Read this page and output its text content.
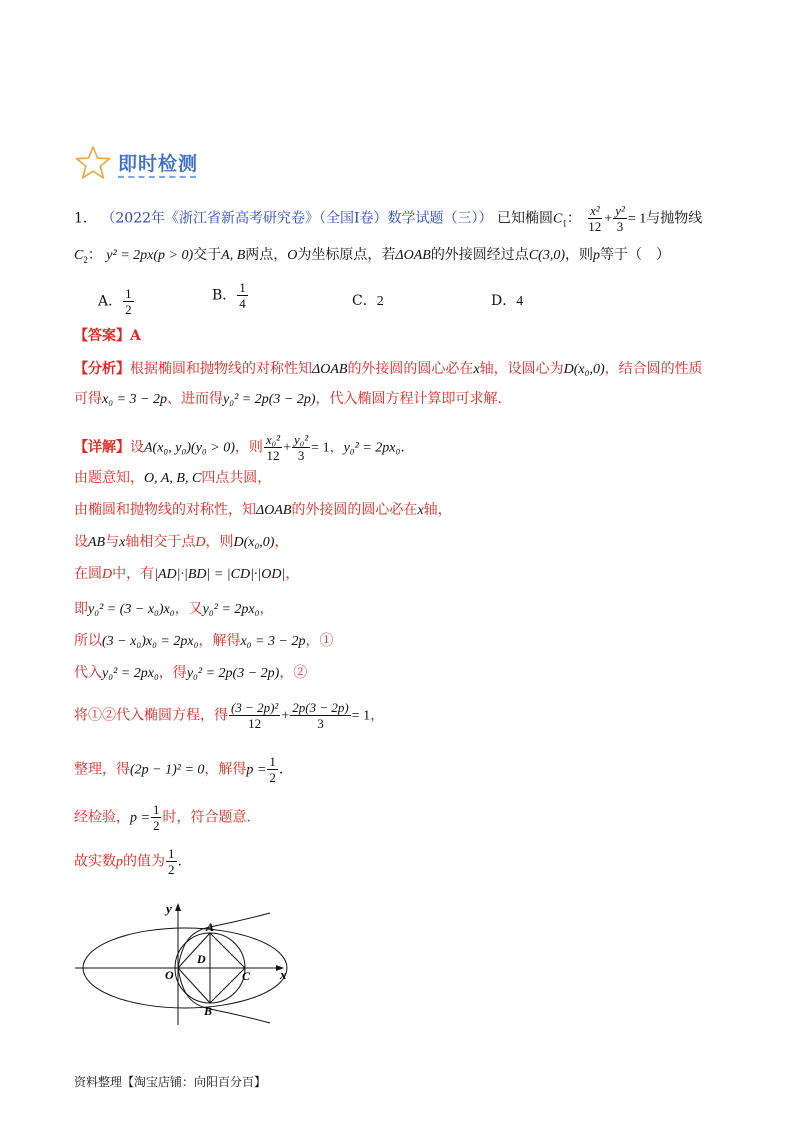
即时检测
1． （2022年《浙江省新高考研究卷》（全国I卷）数学试题（三）） 已知椭圆$C_1$： $\frac{\text{x²}}{12} + \frac{\text{y²}}{3} = 1$与抛物线
$C_2$： y² = 2px(p > 0)交于A, B两点，O为坐标原点，若ΔOAB的外接圆经过点C(3,0)，则p等于（　）
A． $\frac{1}{2}$	B． $\frac{1}{4}$	C．2	D．4
【答案】A
【分析】根据椭圆和抛物线的对称性知ΔOAB的外接圆的圆心必在x轴，设圆心为D(x₀,0)，结合圆的性质
可得x₀ = 3 − 2p、进而得y₀² = 2p(3 − 2p)，代入椭圆方程计算即可求解.
【详解】设A(x₀, y₀)(y₀ > 0)，则 $\frac{\text{x₀²}}{12} + \frac{\text{y₀²}}{3} = 1$，y₀² = 2px₀.
由题意知，O, A, B, C四点共圆，
由椭圆和抛物线的对称性，知ΔOAB的外接圆的圆心必在x轴，
设AB与x轴相交于点D，则D(x₀,0)，
在圆D中，有|AD|·|BD| = |CD|·|OD|，
即y₀² = (3 − x₀)x₀，又y₀² = 2px₀，
所以(3 − x₀)x₀ = 2px₀，解得x₀ = 3 − 2p，①
代入y₀² = 2px₀，得y₀² = 2p(3 − 2p)，②
将①②代入椭圆方程，得 $\frac{\text{(3 − 2p)²}}{12} + \frac{2p(3 - 2p)}{3} = 1$，
整理，得(2p − 1)² = 0，解得$p = \frac{1}{2}$ .
经检验，$p = \frac{1}{2}$ 时，符合题意.
故实数p的值为 $\frac{1}{2}$ .
y
x
A
B
O
D
C
资料整理【淘宝店铺：向阳百分百】
